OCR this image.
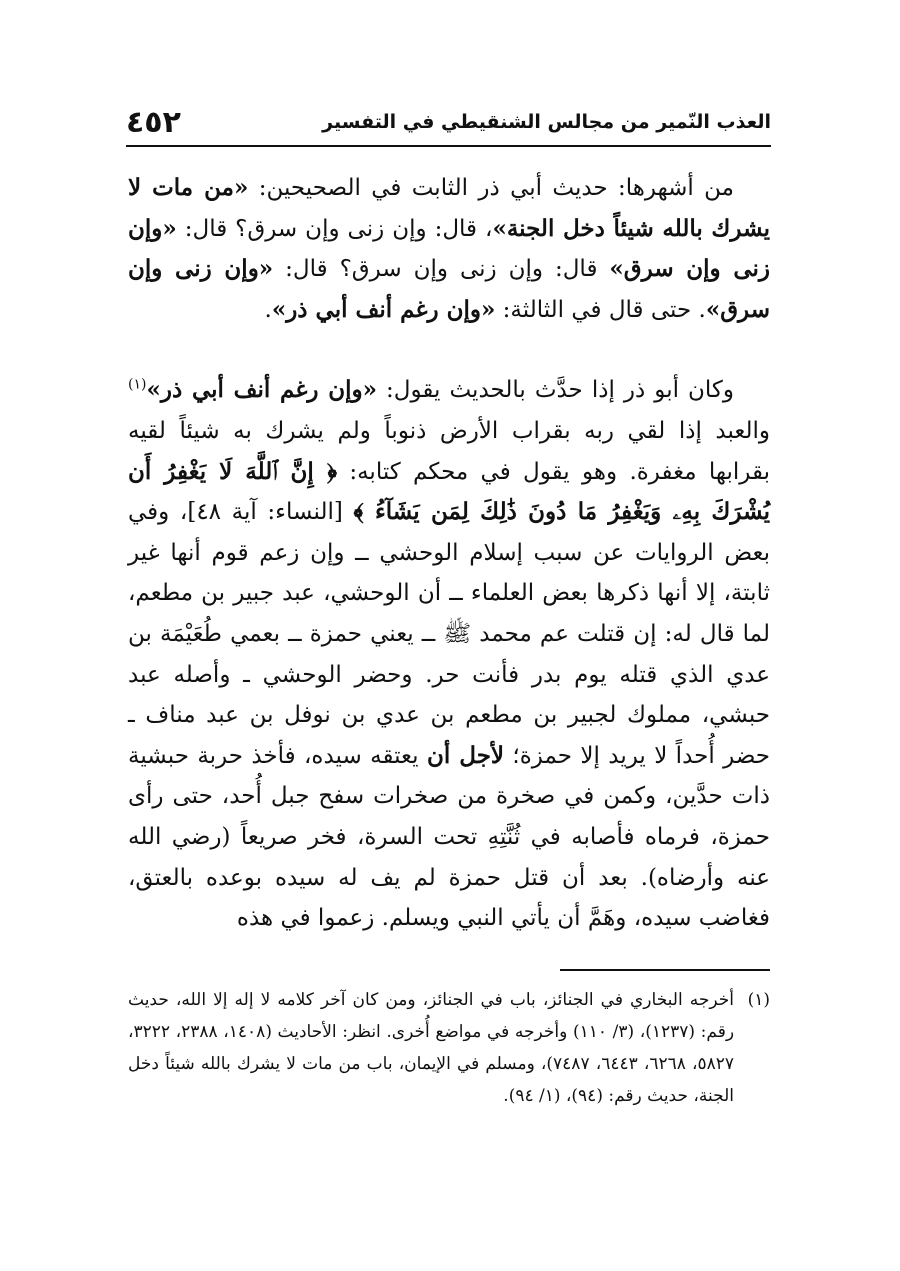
العذب النّمير من مجالس الشنقيطي في التفسير
٤٥٢

من أشهرها: حديث أبي ذر الثابت في الصحيحين: «من مات لا يشرك بالله شيئاً دخل الجنة»، قال: وإن زنى وإن سرق؟ قال: «وإن زنى وإن سرق» قال: وإن زنى وإن سرق؟ قال: «وإن زنى وإن سرق». حتى قال في الثالثة: «وإن رغم أنف أبي ذر».

وكان أبو ذر إذا حدَّث بالحديث يقول: «وإن رغم أنف أبي ذر»$^{(١)}$ والعبد إذا لقي ربه بقراب الأرض ذنوباً ولم يشرك به شيئاً لقيه بقرابها مغفرة. وهو يقول في محكم كتابه: ﴿ إِنَّ ٱللَّهَ لَا يَغْفِرُ أَن يُشْرَكَ بِهِۦ وَيَغْفِرُ مَا دُونَ ذَٰلِكَ لِمَن يَشَآءُ ﴾ [النساء: آية ٤٨]، وفي بعض الروايات عن سبب إسلام الوحشي ــ وإن زعم قوم أنها غير ثابتة، إلا أنها ذكرها بعض العلماء ــ أن الوحشي، عبد جبير بن مطعم، لما قال له: إن قتلت عم محمد ﷺ ــ يعني حمزة ــ بعمي طُعَيْمَة بن عدي الذي قتله يوم بدر فأنت حر. وحضر الوحشي ـ وأصله عبد حبشي، مملوك لجبير بن مطعم بن عدي بن نوفل بن عبد مناف ـ حضر أُحداً لا يريد إلا حمزة؛ لأجل أن يعتقه سيده، فأخذ حربة حبشية ذات حدَّين، وكمن في صخرة من صخرات سفح جبل أُحد، حتى رأى حمزة، فرماه فأصابه في ثُنَّتِهِ تحت السرة، فخر صريعاً (رضي الله عنه وأرضاه). بعد أن قتل حمزة لم يف له سيده بوعده بالعتق، فغاضب سيده، وهَمَّ أن يأتي النبي ويسلم. زعموا في هذه

(١)
أخرجه البخاري في الجنائز، باب في الجنائز، ومن كان آخر كلامه لا إله إلا الله، حديث رقم: (١٢٣٧)، (٣/ ١١٠) وأخرجه في مواضع أُخرى. انظر: الأحاديث (١٤٠٨، ٢٣٨٨، ٣٢٢٢، ٥٨٢٧، ٦٢٦٨، ٦٤٤٣، ٧٤٨٧)، ومسلم في الإيمان، باب من مات لا يشرك بالله شيئاً دخل الجنة، حديث رقم: (٩٤)، (١/ ٩٤).
